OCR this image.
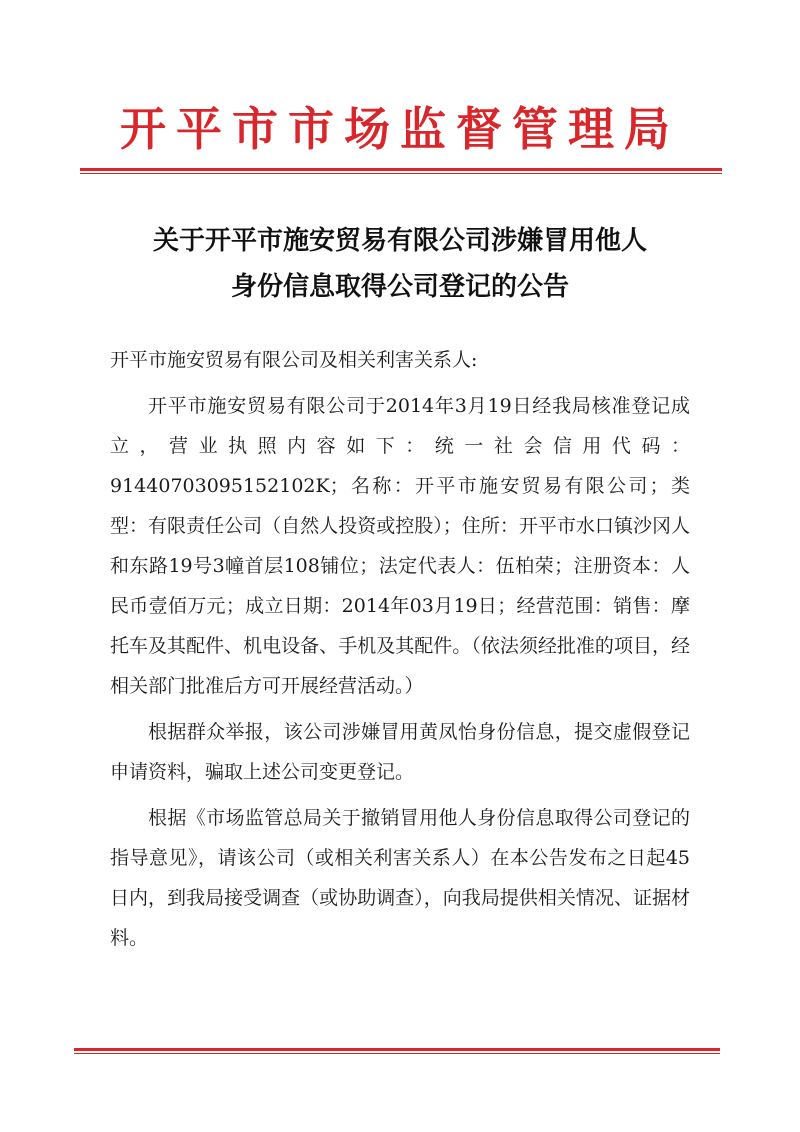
开平市市场监督管理局
关于开平市施安贸易有限公司涉嫌冒用他人
身份信息取得公司登记的公告

开平市施安贸易有限公司及相关利害关系人:

开平市施安贸易有限公司于2014年3月19日经我局核准登记成立，营业执照内容如下：统一社会信用代码：91440703095152102K；名称：开平市施安贸易有限公司；类型：有限责任公司（自然人投资或控股）；住所：开平市水口镇沙冈人和东路19号3幢首层108铺位；法定代表人：伍柏荣；注册资本：人民币壹佰万元；成立日期：2014年03月19日；经营范围：销售：摩托车及其配件、机电设备、手机及其配件。（依法须经批准的项目，经相关部门批准后方可开展经营活动。）

根据群众举报，该公司涉嫌冒用黄凤怡身份信息，提交虚假登记申请资料，骗取上述公司变更登记。

根据《市场监管总局关于撤销冒用他人身份信息取得公司登记的指导意见》，请该公司（或相关利害关系人）在本公告发布之日起45日内，到我局接受调查（或协助调查），向我局提供相关情况、证据材料。
